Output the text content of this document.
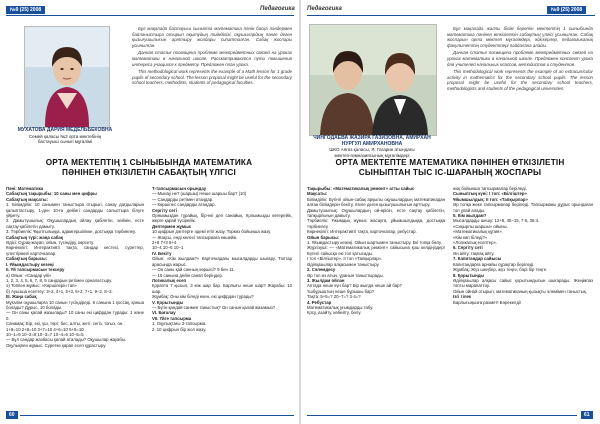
№9 (25) 2008	Педагогика
МУХАТОВА ДАРИЯ МЕДЕЛЬБЕКОВНА
Семей қаласы №3 орта мектебінің
бастауыш сынып мұғалімі

Бұл мақалада бастауыш сыныпта математика пәнін басқа пәндермен байланыстыра отырып оқытудың тиімділігі, оқушылардың пәнге деген қызығушылығын арттыру жолдары сипатталған. Сабақ жоспары ұсынылған.

Данная статья посвящена проблеме межпредметных связей на уроках математики в начальной школе. Рассматриваются пути повышения интереса учащихся к предмету. Предложен план урока.

This methodological work represents the example of a Math lesson for 1 grade pupils of secondary school. The lesson proposal might be useful for the secondary school teachers, methodists, students of pedagogical faculties.

ОРТА МЕКТЕПТІҢ 1 СЫНЫБЫНДА МАТЕМАТИКА
ПӘНІНЕН ӨТКІЗІЛЕТІН САБАҚТЫҢ ҮЛГІСІ

Пәні: Математика

Сабақтың тақырыбы: 10 саны мен цифры

Сабақтың мақсаты:

1. Білімділік: 10 санымен таныстыра отырып, санау дағдыларын қалыптастыру, 1-ден 10-ға дейінгі сандарды салыстыра білуге үйрету.

2. Дамытушылық: Оқушылардың ойлау қабілетін, зейінін, есте сақтау қабілетін дамыту.

3. Тәрбиелік: Ұқыптылыққа, адамгершілікке, достыққа тәрбиелеу.

Сабақтың түрі: жаңа сабақ

Әдісі: Сұрақ-жауап, ойын, түсіндіру, көрсету.

Көрнекілігі: Интерактивті тақта, сандар кестесі, суреттер, үлестірмелі карточкалар.

Сабақтың барысы:

I. Ұйымдастыру кезеңі

II. Үй тапсырмасын тексеру

а) Ойын: «Сандар үйі»

1, 2, 3, 4, 5, 6, 7, 8, 9 сандарын ретімен орналастыру.

ә) Топпен жұмыс: «Көршілерін тап»

б) Ауызша есептеу: 3+2, 4+1, 5+3, 6+2, 7+1, 9−2, 8−3.

III. Жаңа сабақ

Мұғалім оқушыларға 10 санын түсіндіреді. 9 санына 1 қоссақ, қанша болады? Дұрыс, 10 болады.

— Он саны қалай жазылады? 10 саны екі цифрдан тұрады: 1 және 0.

Санамақ: Бір, екі, үш, төрт, бес, алты, жеті, сегіз, тоғыз, он.

1+9=10 2+8=10 3+7=10 4+6=10 5+5=10

10−1=9 10−2=8 10−3=7 10−4=6 10−5=5

— Бұл сандар жазбасы қалай аталады? Оқушылар жауабы.

Оқулықпен жұмыс. Суретке қарап есеп құрастыру.

Т-тапсырмасын орындау

— Мынау не? (шаршы) Неше шаршы бар? (10)

— Сандарды ретімен атаңдар.

— Көршілес сандарды атаңдар.

Сергіту сәті

Орнымыздан тұрайық, бір-екі деп санайық. Қолымызды көтерейік, жерге қарай түсірейік.

Дәптермен жұмыс

10 цифрын дәптерге әдемі етіп жазу. Торкөз бойынша жазу.

— Жақсы, енді келесі тапсырмаға көшейік.

2+8 7+3 6+4

10−4 10−6 10−1

IV. Бекіту

Ойын: «Кім жылдам?» Карточкадағы мысалдарды шығару. Топтар арасында жарыс.

— Он саны қай санның көршісі? 9 бен 11.

— 10 санына дейін санап беріңдер.

Логикалық есеп

Қорапта 7 қызыл, 3 көк шар бар. Барлығы неше шар? Жауабы: 10 шар.

Жұмбақ: Оны кім біледі екен, екі цифрдан тұрады?

V. Қорытынды

— Бүгін қандай санмен таныстық? Он санын қалай жазамыз?

VI. Бағалау

VII. Үйге тапсырма

1. Оқулықтағы 3-тапсырма.

2. 10 цифрын бір жол жазу.

60
Педагогика	№9 (25) 2008
ЧИНГОДАЕВА ЖАЗИРА ГАЗИЗОВНА, АМИРХАН НУРГУЛ АМИРХАНОВНА
ШКО Аягөз қаласы, Я. Гагарин атындағы
мектеп-гимназиясының мұғалімдері

Бұл мақалада жалпы білім беретін мектептің 1 сыныбында математика пәнінен өткізілетін сабақтың үлгісі ұсынылған. Сабақ жоспарын орта мектеп мұғалімдері, әдіскерлер, педагогикалық факультеттің студенттері пайдалана алады.

Данная статья посвящена проблеме межпредметных связей на уроках математики в начальной школе. Предложен конспект урока для учителей начальных классов, методистов и студентов.

This methodological work represents the example of an extracurricular activity in mathematics for the secondary school pupils. The lesson proposal might be useful for the secondary school teachers, methodologists and students of the pedagogical universities.

ОРТА МЕКТЕПТЕ МАТЕМАТИКА ПӘНІНЕН ӨТКІЗІЛЕТІН
СЫНЫПТАН ТЫС ІС-ШАРАНЫҢ ЖОСПАРЫ

Тақырыбы: «Математикалық ремонт» атты сайыс

Мақсаты:

Білімділік: Бүгінгі ойын-сабақ арқылы оқушылардың математикадан алған білімдерін бекіту, пәнге деген қызығушылығын арттыру.

Дамытушылық: Оқушылардың ой-өрісін, есте сақтау қабілетін, тапқырлығын дамыту.

Тәрбиелік: Ұжымдық жұмыс жасауға, ұйымшылдыққа, достыққа тәрбиелеу.

Көрнекілігі: Интерактивті тақта, карточкалар, ребустар.

Ойын барысы:

1. Ұйымдастыру кезеңі. Ойын шартымен таныстыру. Екі топқа бөлу.

Жүргізуші: — «Математикалық ремонт» сайысына қош келдіңіздер! Бүгінгі сайысқа екі топ қатысады.

І топ «Білгіштер», ІІ топ «Тапқырлар».

Әділқазылар алқасымен таныстыру.

2. Сәлемдесу

Әр топ өз атын, ұранын таныстырады.

3. Жылдам ойлан

Аптада неше күн бар? Бір жылда неше ай бар?

Үшбұрыштың неше бұрышы бар?

Тақта: 5+5=? 20−7=? 3·4=?

4. Ребустар

Математикалық ұғымдарды табу.

Қосу, азайту, көбейту, бөлу.

жоқ бойынша тапсырмалар беріледі.

Сыныптың күні: I топ: «Білгіштер»

Ұйымшылдық: II топ: «Тапқырлар»

Әр топқа жеке тапсырмалар беріледі. Тапсырманы дұрыс орындаған топ ұпай алады.

5. Кім жылдам?

Мысалдарды шешу: 12+8, 45−15, 7·6, 36:4.

«Сиқырлы шаршы» ойыны.

«Математикалық құпия».

«Кім көп біледі?»

«Логикалық есептер».

6. Сергіту сәті

Ән айту, тақпақ айту.

7. Капитандар сайысы

Капитандарға арнайы сұрақтар беріледі.

Жұмбақ: Жүз шеңбер, жүз теңге, бәрі бір теңге.

8. Қорытынды

Әділқазылар алқасы сайыс қорытындысын шығарады. Жеңімпаз топты марапаттау.

Ойын ойнай отырып, математиканың қызықты әлемімен таныстық.

Ізгі тілек

Барлығыңызға рахмет! Бәрекелді!

61
